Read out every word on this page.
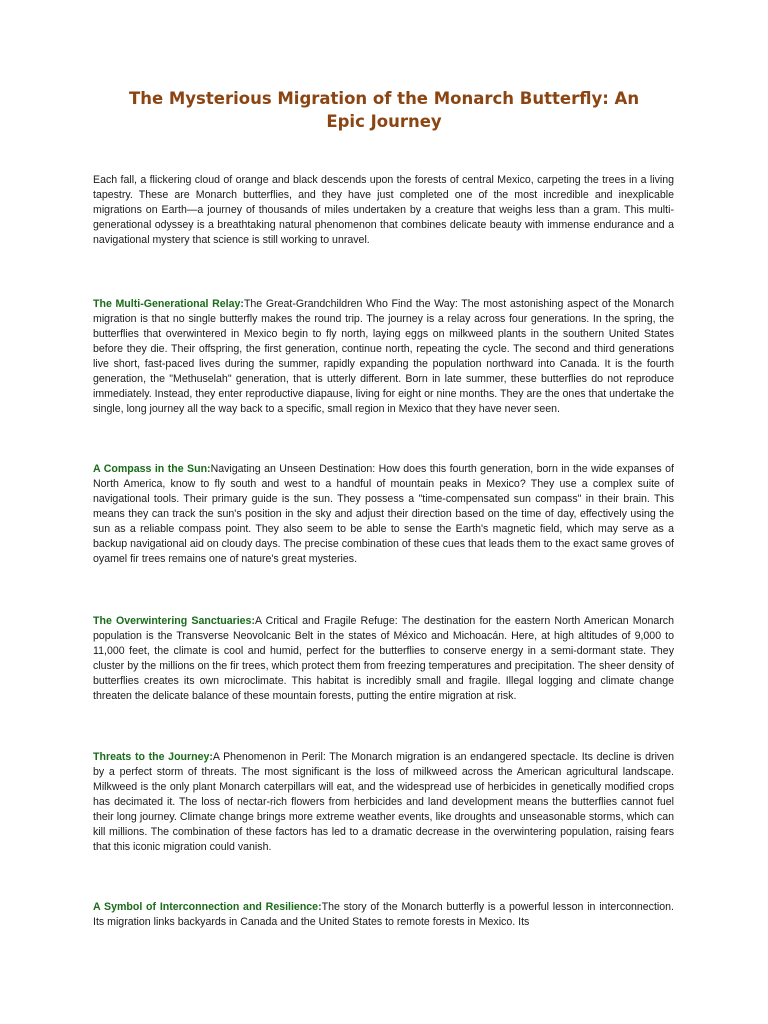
The Mysterious Migration of the Monarch Butterfly: An Epic Journey

Each fall, a flickering cloud of orange and black descends upon the forests of central Mexico, carpeting the trees in a living tapestry. These are Monarch butterflies, and they have just completed one of the most incredible and inexplicable migrations on Earth—a journey of thousands of miles undertaken by a creature that weighs less than a gram. This multi-generational odyssey is a breathtaking natural phenomenon that combines delicate beauty with immense endurance and a navigational mystery that science is still working to unravel.

The Multi-Generational Relay:The Great-Grandchildren Who Find the Way: The most astonishing aspect of the Monarch migration is that no single butterfly makes the round trip. The journey is a relay across four generations. In the spring, the butterflies that overwintered in Mexico begin to fly north, laying eggs on milkweed plants in the southern United States before they die. Their offspring, the first generation, continue north, repeating the cycle. The second and third generations live short, fast-paced lives during the summer, rapidly expanding the population northward into Canada. It is the fourth generation, the "Methuselah" generation, that is utterly different. Born in late summer, these butterflies do not reproduce immediately. Instead, they enter reproductive diapause, living for eight or nine months. They are the ones that undertake the single, long journey all the way back to a specific, small region in Mexico that they have never seen.

A Compass in the Sun:Navigating an Unseen Destination: How does this fourth generation, born in the wide expanses of North America, know to fly south and west to a handful of mountain peaks in Mexico? They use a complex suite of navigational tools. Their primary guide is the sun. They possess a "time-compensated sun compass" in their brain. This means they can track the sun's position in the sky and adjust their direction based on the time of day, effectively using the sun as a reliable compass point. They also seem to be able to sense the Earth's magnetic field, which may serve as a backup navigational aid on cloudy days. The precise combination of these cues that leads them to the exact same groves of oyamel fir trees remains one of nature's great mysteries.

The Overwintering Sanctuaries:A Critical and Fragile Refuge: The destination for the eastern North American Monarch population is the Transverse Neovolcanic Belt in the states of México and Michoacán. Here, at high altitudes of 9,000 to 11,000 feet, the climate is cool and humid, perfect for the butterflies to conserve energy in a semi-dormant state. They cluster by the millions on the fir trees, which protect them from freezing temperatures and precipitation. The sheer density of butterflies creates its own microclimate. This habitat is incredibly small and fragile. Illegal logging and climate change threaten the delicate balance of these mountain forests, putting the entire migration at risk.

Threats to the Journey:A Phenomenon in Peril: The Monarch migration is an endangered spectacle. Its decline is driven by a perfect storm of threats. The most significant is the loss of milkweed across the American agricultural landscape. Milkweed is the only plant Monarch caterpillars will eat, and the widespread use of herbicides in genetically modified crops has decimated it. The loss of nectar-rich flowers from herbicides and land development means the butterflies cannot fuel their long journey. Climate change brings more extreme weather events, like droughts and unseasonable storms, which can kill millions. The combination of these factors has led to a dramatic decrease in the overwintering population, raising fears that this iconic migration could vanish.

A Symbol of Interconnection and Resilience:The story of the Monarch butterfly is a powerful lesson in interconnection. Its migration links backyards in Canada and the United States to remote forests in Mexico. Its
